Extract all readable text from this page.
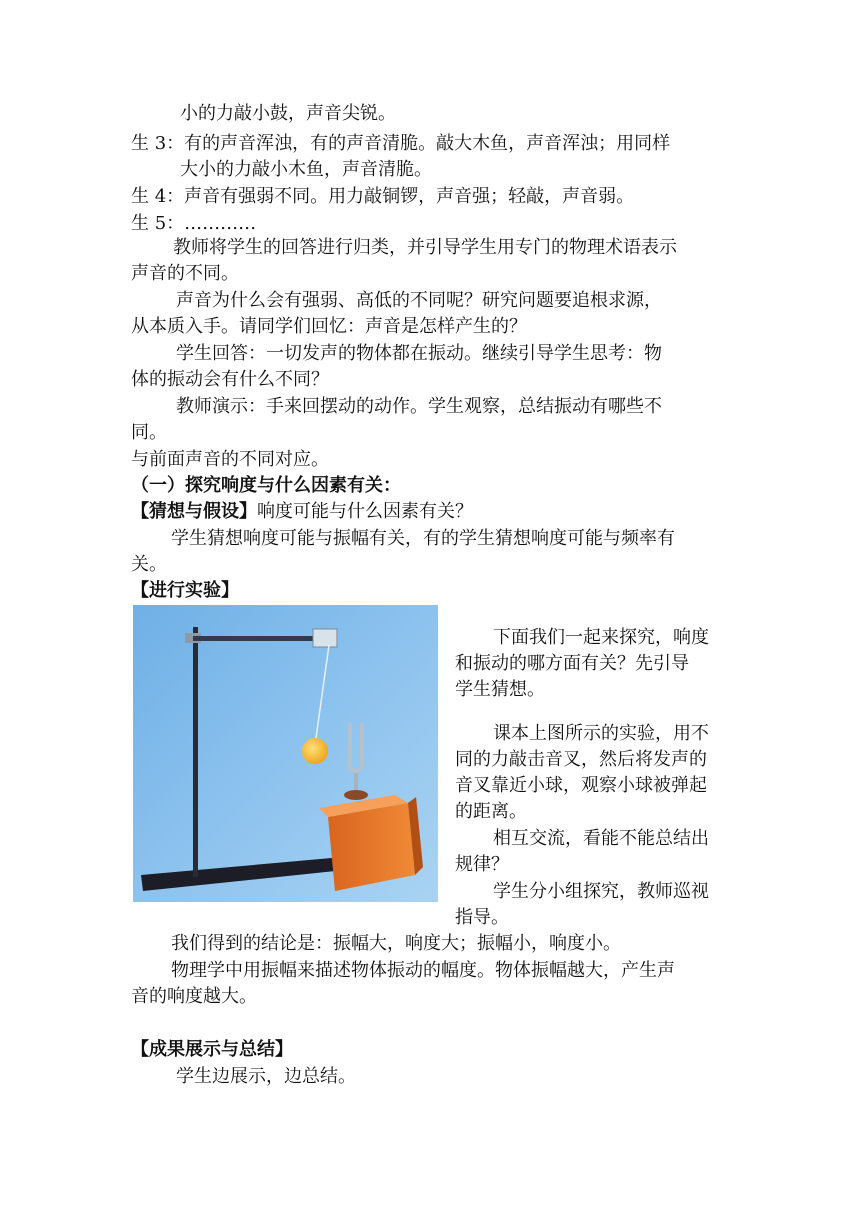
小的力敲小鼓，声音尖锐。
生 3：有的声音浑浊，有的声音清脆。敲大木鱼，声音浑浊；用同样
大小的力敲小木鱼，声音清脆。
生 4：声音有强弱不同。用力敲铜锣，声音强；轻敲，声音弱。
生 5：…………
教师将学生的回答进行归类，并引导学生用专门的物理术语表示
声音的不同。
声音为什么会有强弱、高低的不同呢？研究问题要追根求源，
从本质入手。请同学们回忆：声音是怎样产生的？
学生回答：一切发声的物体都在振动。继续引导学生思考：物
体的振动会有什么不同？
教师演示：手来回摆动的动作。学生观察，总结振动有哪些不
同。
与前面声音的不同对应。
（一）探究响度与什么因素有关：
【猜想与假设】响度可能与什么因素有关？
学生猜想响度可能与振幅有关，有的学生猜想响度可能与频率有
关。
【进行实验】
下面我们一起来探究，响度
和振动的哪方面有关？先引导
学生猜想。
课本上图所示的实验，用不
同的力敲击音叉，然后将发声的
音叉靠近小球，观察小球被弹起
的距离。
相互交流，看能不能总结出
规律？
学生分小组探究，教师巡视
指导。
我们得到的结论是：振幅大，响度大；振幅小，响度小。
物理学中用振幅来描述物体振动的幅度。物体振幅越大，产生声
音的响度越大。
【成果展示与总结】
学生边展示，边总结。
